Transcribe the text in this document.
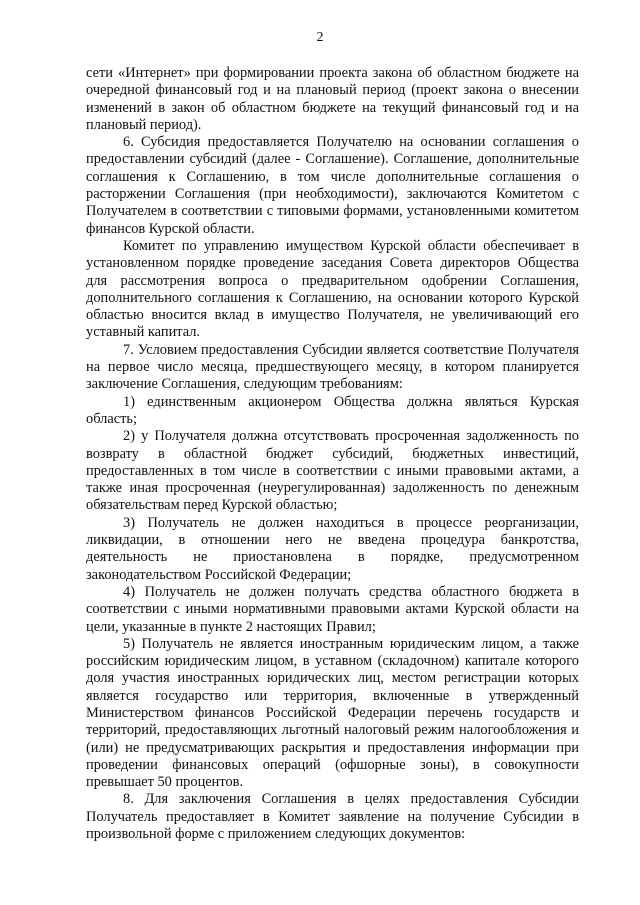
2

сети «Интернет» при формировании проекта закона об областном бюджете на очередной финансовый год и на плановый период (проект закона о внесении изменений в закон об областном бюджете на текущий финансовый год и на плановый период).

6. Субсидия предоставляется Получателю на основании соглашения о предоставлении субсидий (далее - Соглашение). Соглашение, дополнительные соглашения к Соглашению, в том числе дополнительные соглашения о расторжении Соглашения (при необходимости), заключаются Комитетом с Получателем в соответствии с типовыми формами, установленными комитетом финансов Курской области.

Комитет по управлению имуществом Курской области обеспечивает в установленном порядке проведение заседания Совета директоров Общества для рассмотрения вопроса о предварительном одобрении Соглашения, дополнительного соглашения к Соглашению, на основании которого Курской областью вносится вклад в имущество Получателя, не увеличивающий его уставный капитал.

7. Условием предоставления Субсидии является соответствие Получателя на первое число месяца, предшествующего месяцу, в котором планируется заключение Соглашения, следующим требованиям:

1) единственным акционером Общества должна являться Курская область;

2) у Получателя должна отсутствовать просроченная задолженность по возврату в областной бюджет субсидий, бюджетных инвестиций, предоставленных в том числе в соответствии с иными правовыми актами, а также иная просроченная (неурегулированная) задолженность по денежным обязательствам перед Курской областью;

3) Получатель не должен находиться в процессе реорганизации, ликвидации, в отношении него не введена процедура банкротства, деятельность не приостановлена в порядке, предусмотренном законодательством Российской Федерации;

4) Получатель не должен получать средства областного бюджета в соответствии с иными нормативными правовыми актами Курской области на цели, указанные в пункте 2 настоящих Правил;

5) Получатель не является иностранным юридическим лицом, а также российским юридическим лицом, в уставном (складочном) капитале которого доля участия иностранных юридических лиц, местом регистрации которых является государство или территория, включенные в утвержденный Министерством финансов Российской Федерации перечень государств и территорий, предоставляющих льготный налоговый режим налогообложения и (или) не предусматривающих раскрытия и предоставления информации при проведении финансовых операций (офшорные зоны), в совокупности превышает 50 процентов.

8. Для заключения Соглашения в целях предоставления Субсидии Получатель предоставляет в Комитет заявление на получение Субсидии в произвольной форме с приложением следующих документов:
